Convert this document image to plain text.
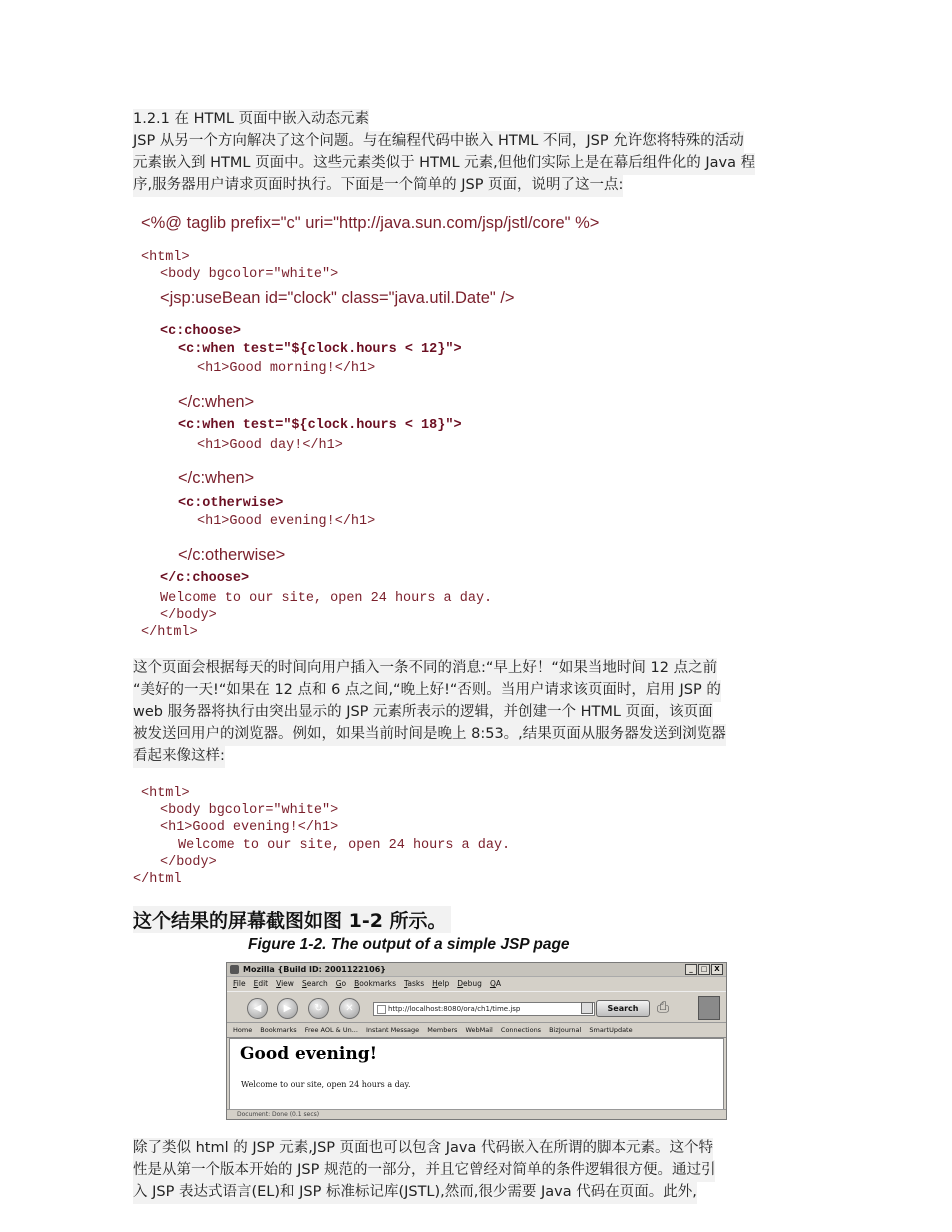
1.2.1 在 HTML 页面中嵌入动态元素
JSP 从另一个方向解决了这个问题。与在编程代码中嵌入 HTML 不同，JSP 允许您将特殊的活动
元素嵌入到 HTML 页面中。这些元素类似于 HTML 元素,但他们实际上是在幕后组件化的 Java 程
序,服务器用户请求页面时执行。下面是一个简单的 JSP 页面，说明了这一点:
<%@ taglib prefix="c" uri="http://java.sun.com/jsp/jstl/core" %>
<html>
<body bgcolor="white">
<jsp:useBean id="clock" class="java.util.Date" />
<c:choose>
<c:when test="${clock.hours < 12}">
<h1>Good morning!</h1>
</c:when>
<c:when test="${clock.hours < 18}">
<h1>Good day!</h1>
</c:when>
<c:otherwise>
<h1>Good evening!</h1>
</c:otherwise>
</c:choose>
Welcome to our site, open 24 hours a day.
</body>
</html>
这个页面会根据每天的时间向用户插入一条不同的消息:“早上好！“如果当地时间 12 点之前
“美好的一天!“如果在 12 点和 6 点之间,“晚上好!“否则。当用户请求该页面时，启用 JSP 的
web 服务器将执行由突出显示的 JSP 元素所表示的逻辑，并创建一个 HTML 页面，该页面
被发送回用户的浏览器。例如，如果当前时间是晚上 8:53。,结果页面从服务器发送到浏览器
看起来像这样:
<html>
<body bgcolor="white">
<h1>Good evening!</h1>
Welcome to our site, open 24 hours a day.
</body>
</html
这个结果的屏幕截图如图 1-2 所示。
Figure 1-2. The output of a simple JSP page
Mozilla {Build ID: 2001122106}	_	□ X
File Edit View Search Go Bookmarks Tasks Help Debug QA
◀	▶	↻	✕	http://localhost:8080/ora/ch1/time.jsp	Search	⎙
Home Bookmarks Free AOL & Un... Instant Message Members WebMail Connections BizJournal SmartUpdate
Good evening!
Welcome to our site, open 24 hours a day.
Document: Done (0.1 secs)
除了类似 html 的 JSP 元素,JSP 页面也可以包含 Java 代码嵌入在所谓的脚本元素。这个特
性是从第一个版本开始的 JSP 规范的一部分，并且它曾经对简单的条件逻辑很方便。通过引
入 JSP 表达式语言(EL)和 JSP 标准标记库(JSTL),然而,很少需要 Java 代码在页面。此外,
